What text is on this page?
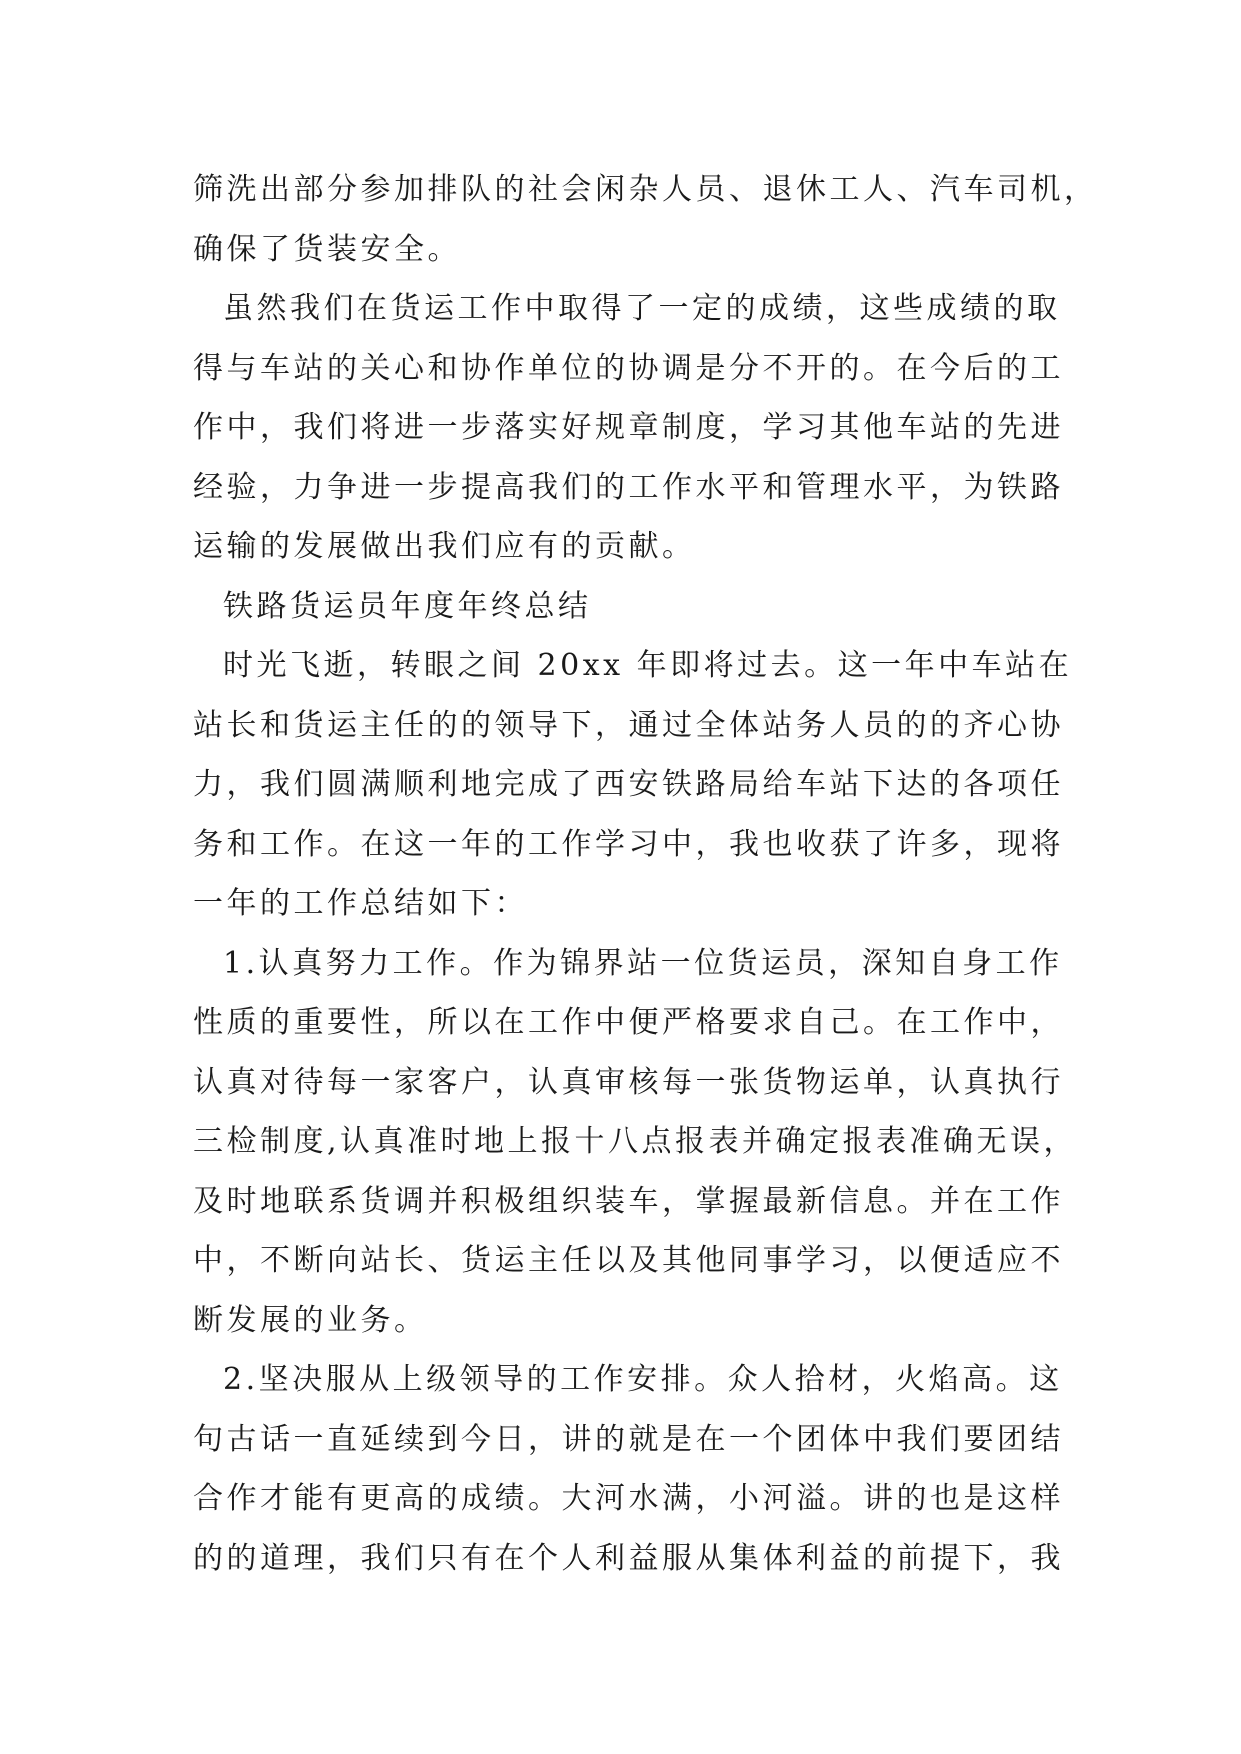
筛洗出部分参加排队的社会闲杂人员、退休工人、汽车司机，
确保了货装安全。
虽然我们在货运工作中取得了一定的成绩，这些成绩的取
得与车站的关心和协作单位的协调是分不开的。在今后的工
作中，我们将进一步落实好规章制度，学习其他车站的先进
经验，力争进一步提高我们的工作水平和管理水平，为铁路
运输的发展做出我们应有的贡献。
铁路货运员年度年终总结
时光飞逝，转眼之间 20xx 年即将过去。这一年中车站在
站长和货运主任的的领导下，通过全体站务人员的的齐心协
力，我们圆满顺利地完成了西安铁路局给车站下达的各项任
务和工作。在这一年的工作学习中，我也收获了许多，现将
一年的工作总结如下：
1.认真努力工作。作为锦界站一位货运员，深知自身工作
性质的重要性，所以在工作中便严格要求自己。在工作中，
认真对待每一家客户，认真审核每一张货物运单，认真执行
三检制度,认真准时地上报十八点报表并确定报表准确无误，
及时地联系货调并积极组织装车，掌握最新信息。并在工作
中，不断向站长、货运主任以及其他同事学习，以便适应不
断发展的业务。
2.坚决服从上级领导的工作安排。众人拾材，火焰高。这
句古话一直延续到今日，讲的就是在一个团体中我们要团结
合作才能有更高的成绩。大河水满，小河溢。讲的也是这样
的的道理，我们只有在个人利益服从集体利益的前提下，我
